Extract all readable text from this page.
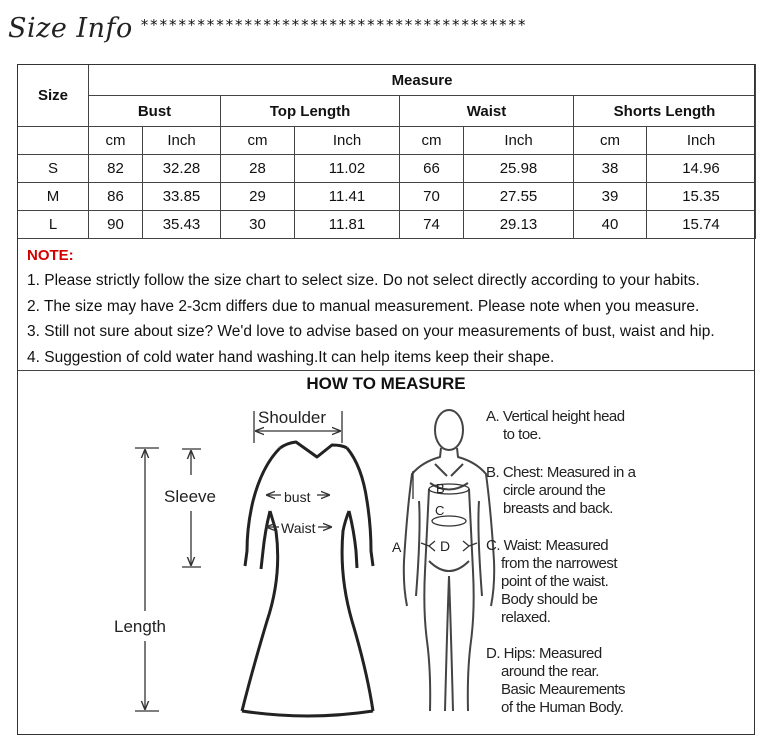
Size Info *****************************************
Size	Measure							
	Bust		Top Length		Waist		Shorts Length	
	cm	Inch	cm	Inch	cm	Inch	cm	Inch
S	82	32.28	28	11.02	66	25.98	38	14.96
M	86	33.85	29	11.41	70	27.55	39	15.35
L	90	35.43	30	11.81	74	29.13	40	15.74
NOTE:
1. Please strictly follow the size chart to select size. Do not select directly according to your habits.
2. The size may have 2-3cm differs due to manual measurement. Please note when you measure.
3. Still not sure about size? We'd love to advise based on your measurements of bust, waist and hip.
4. Suggestion of cold water hand washing.It can help items keep their shape.
HOW TO MEASURE
Shoulder
Sleeve	bust
Waist
Length
A
B
C
D
A. Vertical height head
to toe.
B. Chest: Measured in a
circle around the
breasts and back.
C. Waist: Measured
from the narrowest
point of the waist.
Body should be
relaxed.
D. Hips: Measured
around the rear.
Basic Meaurements
of the Human Body.
